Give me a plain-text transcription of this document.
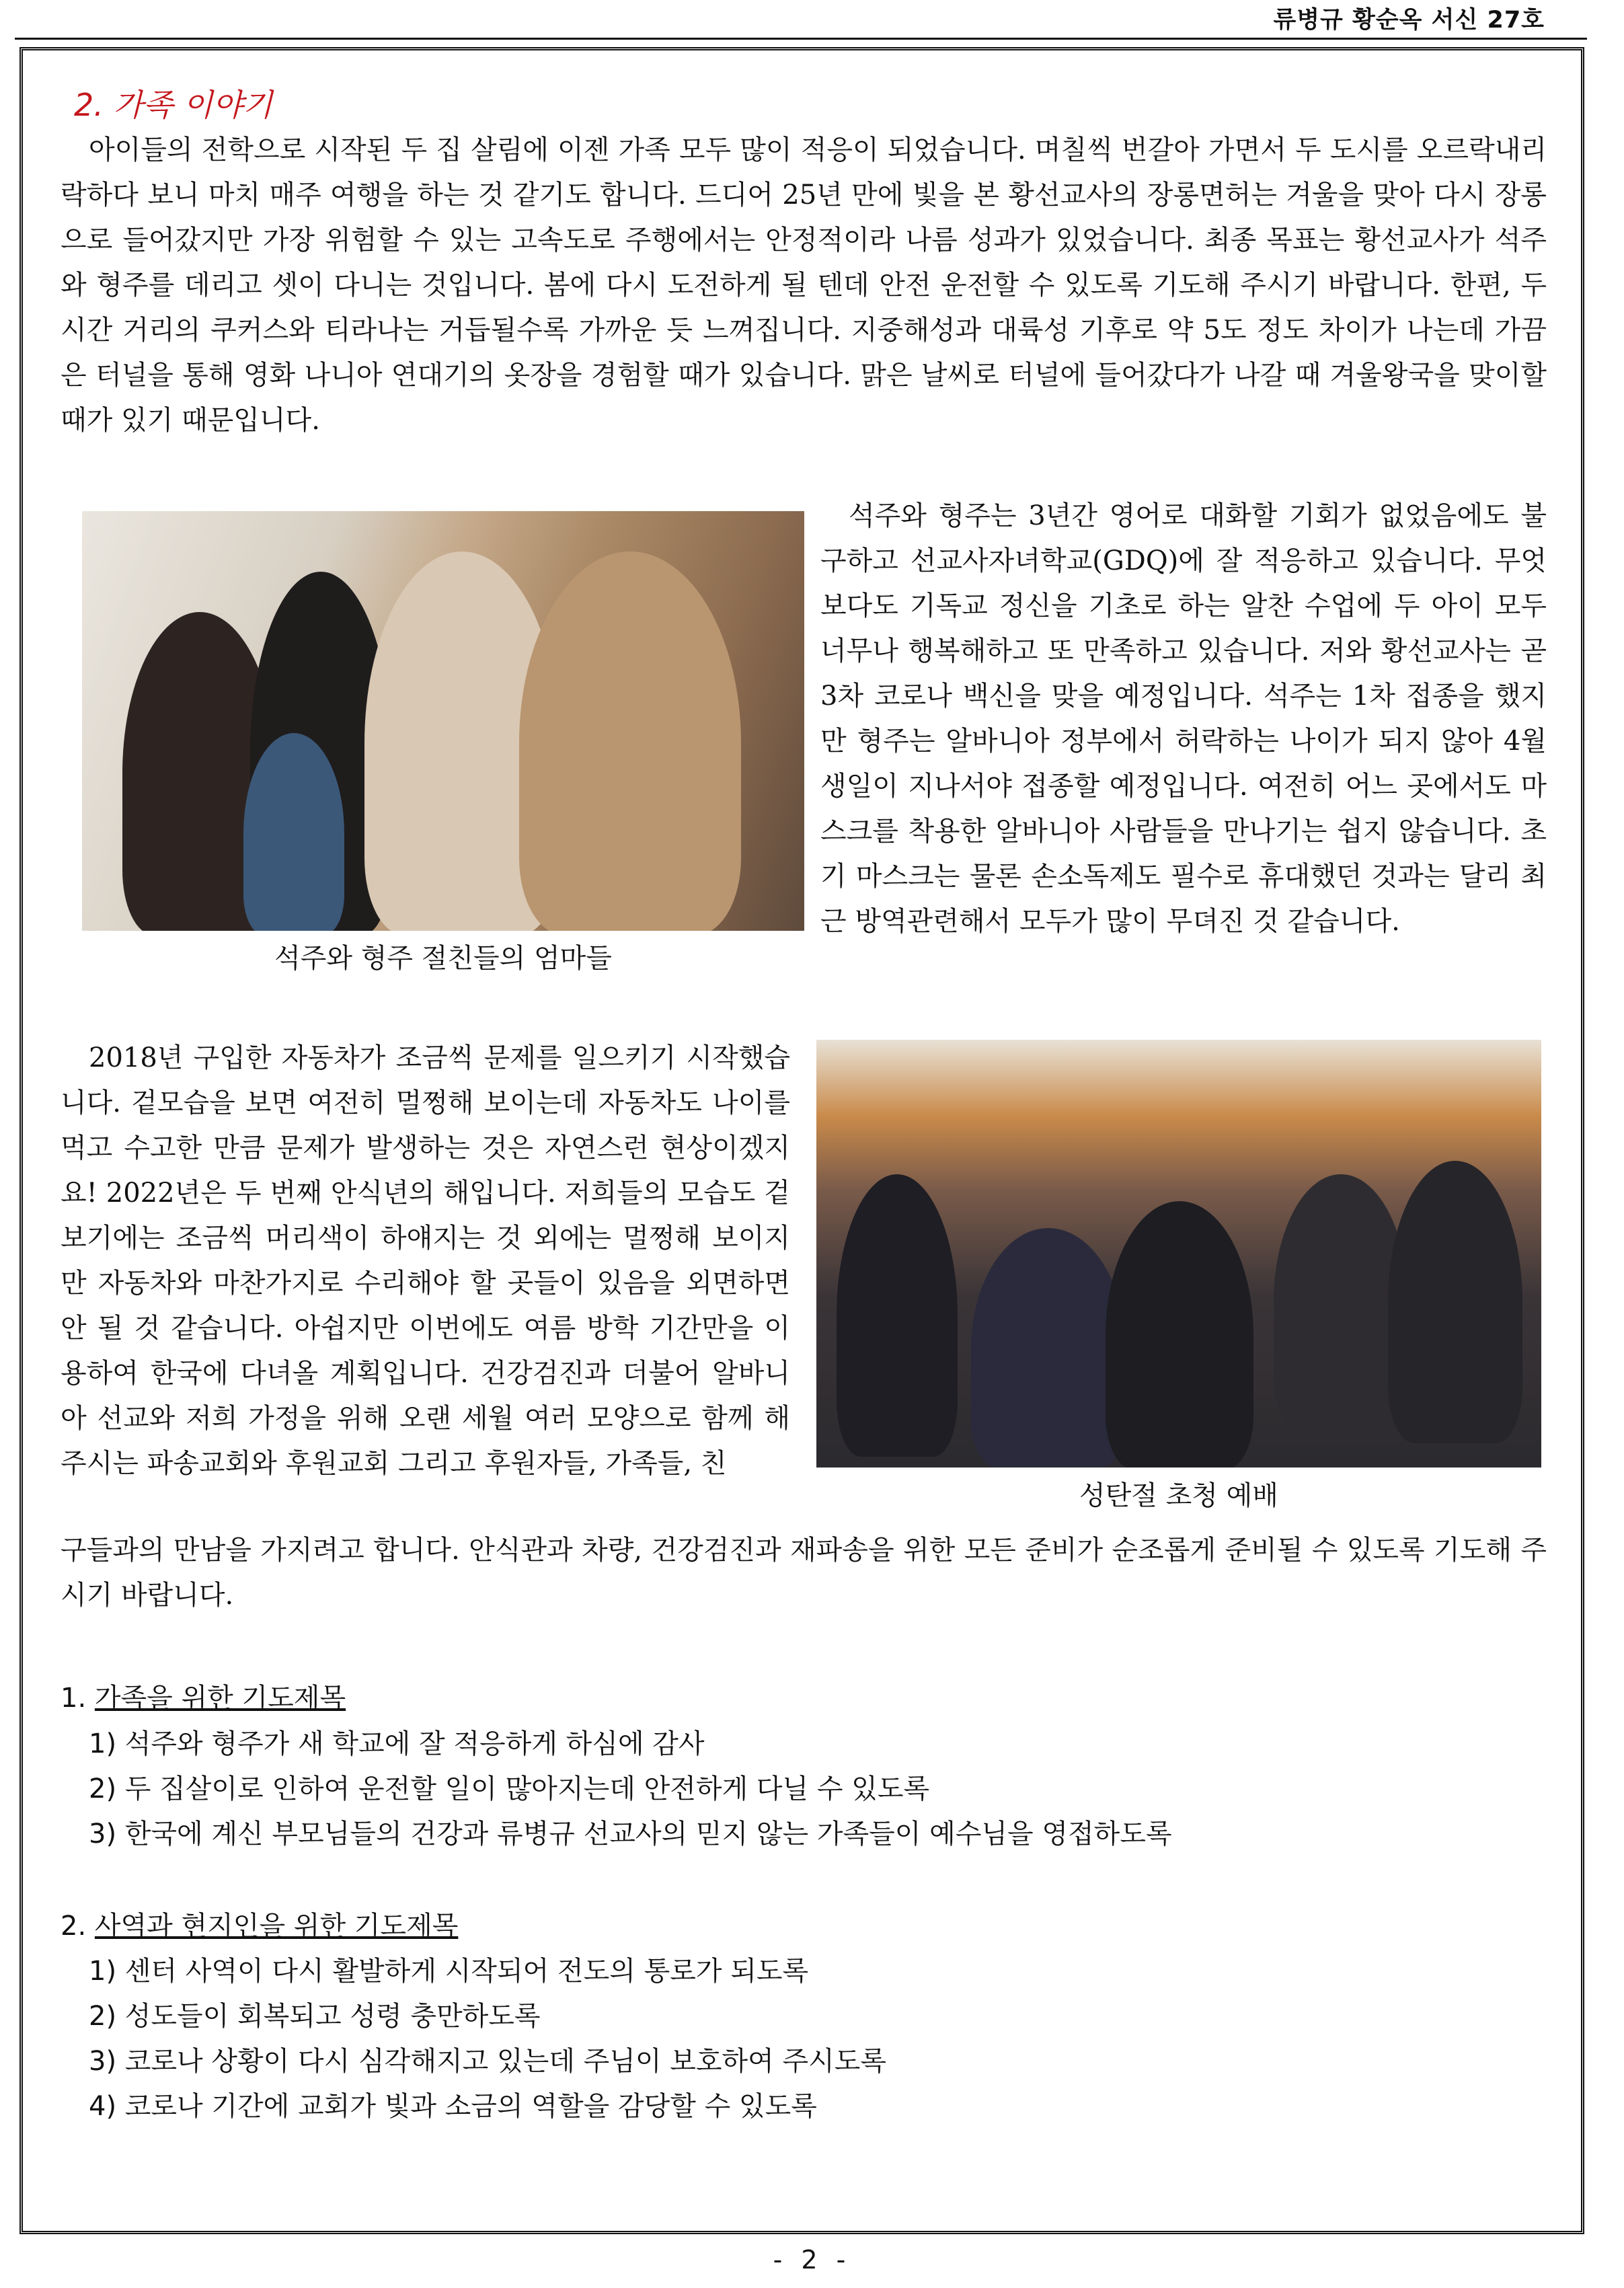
류병규 황순옥 서신 27호
2. 가족 이야기

아이들의 전학으로 시작된 두 집 살림에 이젠 가족 모두 많이 적응이 되었습니다. 며칠씩 번갈아 가면서 두 도시를 오르락내리락하다 보니 마치 매주 여행을 하는 것 같기도 합니다. 드디어 25년 만에 빛을 본 황선교사의 장롱면허는 겨울을 맞아 다시 장롱으로 들어갔지만 가장 위험할 수 있는 고속도로 주행에서는 안정적이라 나름 성과가 있었습니다. 최종 목표는 황선교사가 석주와 형주를 데리고 셋이 다니는 것입니다. 봄에 다시 도전하게 될 텐데 안전 운전할 수 있도록 기도해 주시기 바랍니다. 한편, 두 시간 거리의 쿠커스와 티라나는 거듭될수록 가까운 듯 느껴집니다. 지중해성과 대륙성 기후로 약 5도 정도 차이가 나는데 가끔은 터널을 통해 영화 나니아 연대기의 옷장을 경험할 때가 있습니다. 맑은 날씨로 터널에 들어갔다가 나갈 때 겨울왕국을 맞이할 때가 있기 때문입니다.

석주와 형주 절친들의 엄마들

석주와 형주는 3년간 영어로 대화할 기회가 없었음에도 불구하고 선교사자녀학교(GDQ)에 잘 적응하고 있습니다. 무엇보다도 기독교 정신을 기초로 하는 알찬 수업에 두 아이 모두 너무나 행복해하고 또 만족하고 있습니다. 저와 황선교사는 곧 3차 코로나 백신을 맞을 예정입니다. 석주는 1차 접종을 했지만 형주는 알바니아 정부에서 허락하는 나이가 되지 않아 4월 생일이 지나서야 접종할 예정입니다. 여전히 어느 곳에서도 마스크를 착용한 알바니아 사람들을 만나기는 쉽지 않습니다. 초기 마스크는 물론 손소독제도 필수로 휴대했던 것과는 달리 최근 방역관련해서 모두가 많이 무뎌진 것 같습니다.

2018년 구입한 자동차가 조금씩 문제를 일으키기 시작했습니다. 겉모습을 보면 여전히 멀쩡해 보이는데 자동차도 나이를 먹고 수고한 만큼 문제가 발생하는 것은 자연스런 현상이겠지요! 2022년은 두 번째 안식년의 해입니다. 저희들의 모습도 겉보기에는 조금씩 머리색이 하얘지는 것 외에는 멀쩡해 보이지만 자동차와 마찬가지로 수리해야 할 곳들이 있음을 외면하면 안 될 것 같습니다. 아쉽지만 이번에도 여름 방학 기간만을 이용하여 한국에 다녀올 계획입니다. 건강검진과 더불어 알바니아 선교와 저희 가정을 위해 오랜 세월 여러 모양으로 함께 해 주시는 파송교회와 후원교회 그리고 후원자들, 가족들, 친

성탄절 초청 예배

구들과의 만남을 가지려고 합니다. 안식관과 차량, 건강검진과 재파송을 위한 모든 준비가 순조롭게 준비될 수 있도록 기도해 주시기 바랍니다.

1. 가족을 위한 기도제목
1) 석주와 형주가 새 학교에 잘 적응하게 하심에 감사
2) 두 집살이로 인하여 운전할 일이 많아지는데 안전하게 다닐 수 있도록
3) 한국에 계신 부모님들의 건강과 류병규 선교사의 믿지 않는 가족들이 예수님을 영접하도록
2. 사역과 현지인을 위한 기도제목
1) 센터 사역이 다시 활발하게 시작되어 전도의 통로가 되도록
2) 성도들이 회복되고 성령 충만하도록
3) 코로나 상황이 다시 심각해지고 있는데 주님이 보호하여 주시도록
4) 코로나 기간에 교회가 빛과 소금의 역할을 감당할 수 있도록
- 2 -
